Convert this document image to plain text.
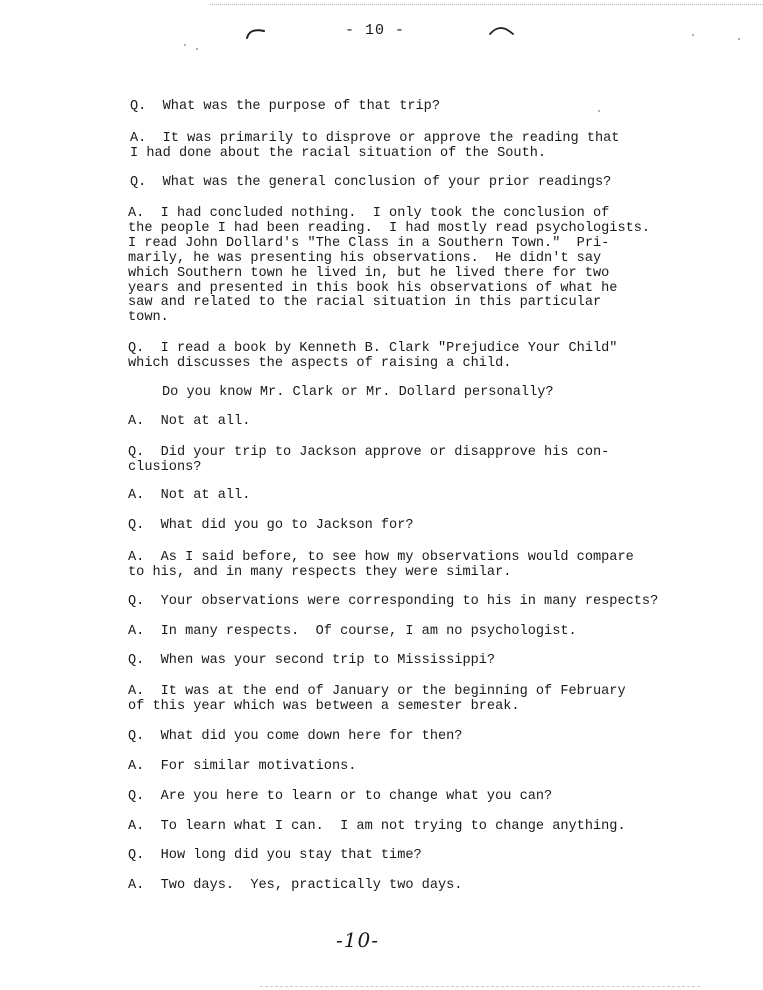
- 10 -

Q.  What was the purpose of that trip?

A.  It was primarily to disprove or approve the reading that
I had done about the racial situation of the South.

Q.  What was the general conclusion of your prior readings?

A.  I had concluded nothing.  I only took the conclusion of
the people I had been reading.  I had mostly read psychologists.
I read John Dollard's "The Class in a Southern Town."  Pri-
marily, he was presenting his observations.  He didn't say
which Southern town he lived in, but he lived there for two
years and presented in this book his observations of what he
saw and related to the racial situation in this particular
town.

Q.  I read a book by Kenneth B. Clark "Prejudice Your Child"
which discusses the aspects of raising a child.

Do you know Mr. Clark or Mr. Dollard personally?

A.  Not at all.

Q.  Did your trip to Jackson approve or disapprove his con-
clusions?

A.  Not at all.

Q.  What did you go to Jackson for?

A.  As I said before, to see how my observations would compare
to his, and in many respects they were similar.

Q.  Your observations were corresponding to his in many respects?

A.  In many respects.  Of course, I am no psychologist.

Q.  When was your second trip to Mississippi?

A.  It was at the end of January or the beginning of February
of this year which was between a semester break.

Q.  What did you come down here for then?

A.  For similar motivations.

Q.  Are you here to learn or to change what you can?

A.  To learn what I can.  I am not trying to change anything.

Q.  How long did you stay that time?

A.  Two days.  Yes, practically two days.

-10-
